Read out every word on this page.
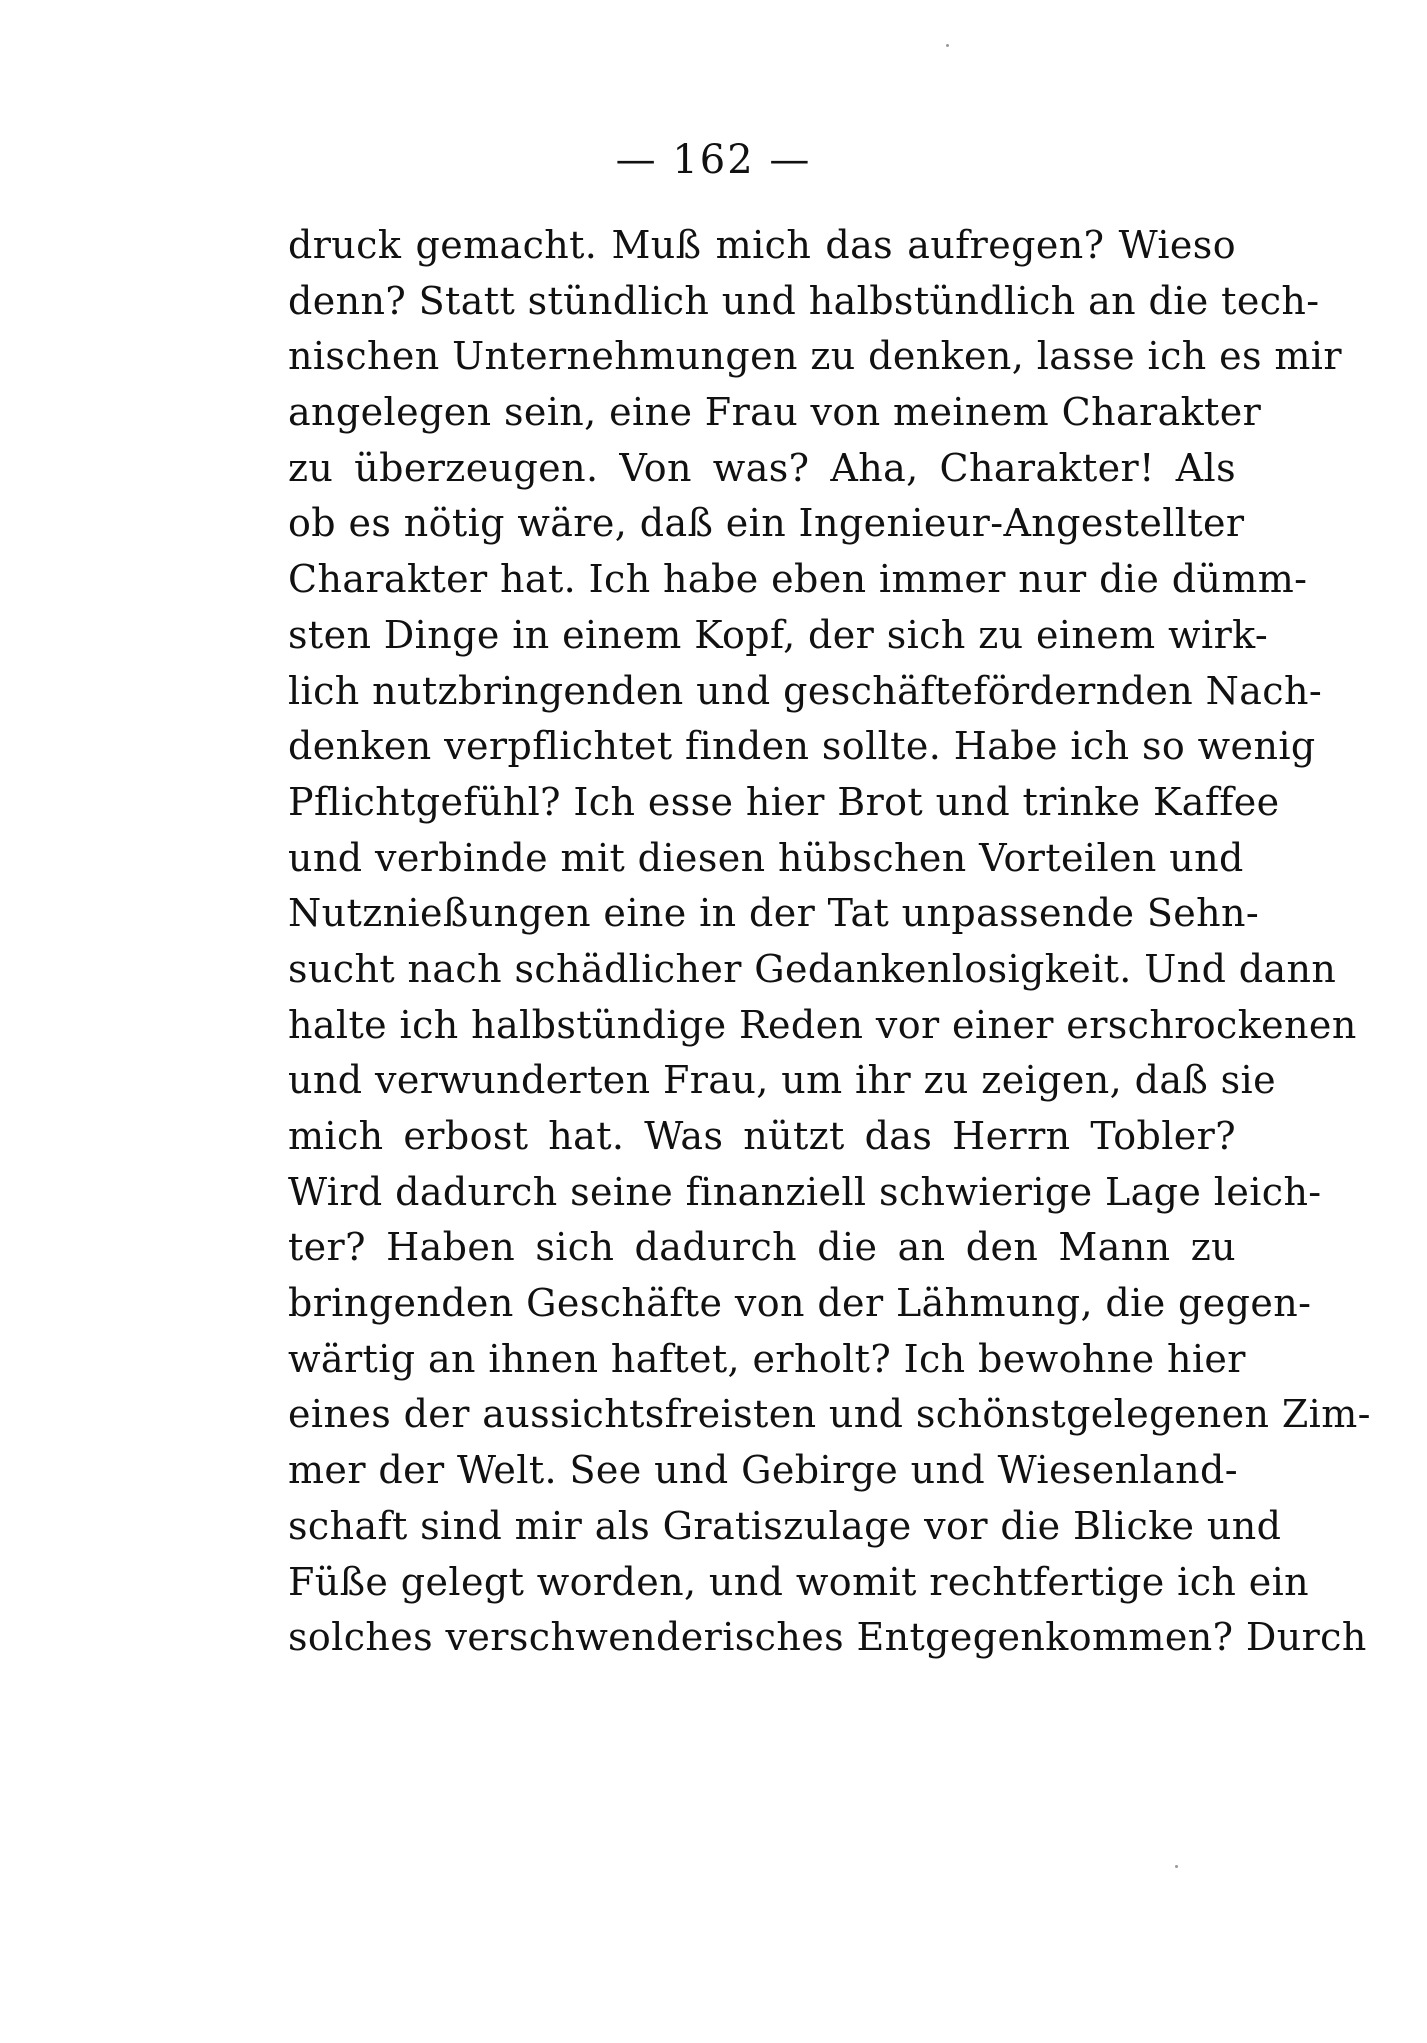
— 162 —
druck gemacht. Muß mich das aufregen? Wieso
denn? Statt stündlich und halbstündlich an die tech-
nischen Unternehmungen zu denken, lasse ich es mir
angelegen sein, eine Frau von meinem Charakter
zu überzeugen. Von was? Aha, Charakter! Als
ob es nötig wäre, daß ein Ingenieur-Angestellter
Charakter hat. Ich habe eben immer nur die dümm-
sten Dinge in einem Kopf, der sich zu einem wirk-
lich nutzbringenden und geschäftefördernden Nach-
denken verpflichtet finden sollte. Habe ich so wenig
Pflichtgefühl? Ich esse hier Brot und trinke Kaffee
und verbinde mit diesen hübschen Vorteilen und
Nutznießungen eine in der Tat unpassende Sehn-
sucht nach schädlicher Gedankenlosigkeit. Und dann
halte ich halbstündige Reden vor einer erschrockenen
und verwunderten Frau, um ihr zu zeigen, daß sie
mich erbost hat. Was nützt das Herrn Tobler?
Wird dadurch seine finanziell schwierige Lage leich-
ter? Haben sich dadurch die an den Mann zu
bringenden Geschäfte von der Lähmung, die gegen-
wärtig an ihnen haftet, erholt? Ich bewohne hier
eines der aussichtsfreisten und schönstgelegenen Zim-
mer der Welt. See und Gebirge und Wiesenland-
schaft sind mir als Gratiszulage vor die Blicke und
Füße gelegt worden, und womit rechtfertige ich ein
solches verschwenderisches Entgegenkommen? Durch
